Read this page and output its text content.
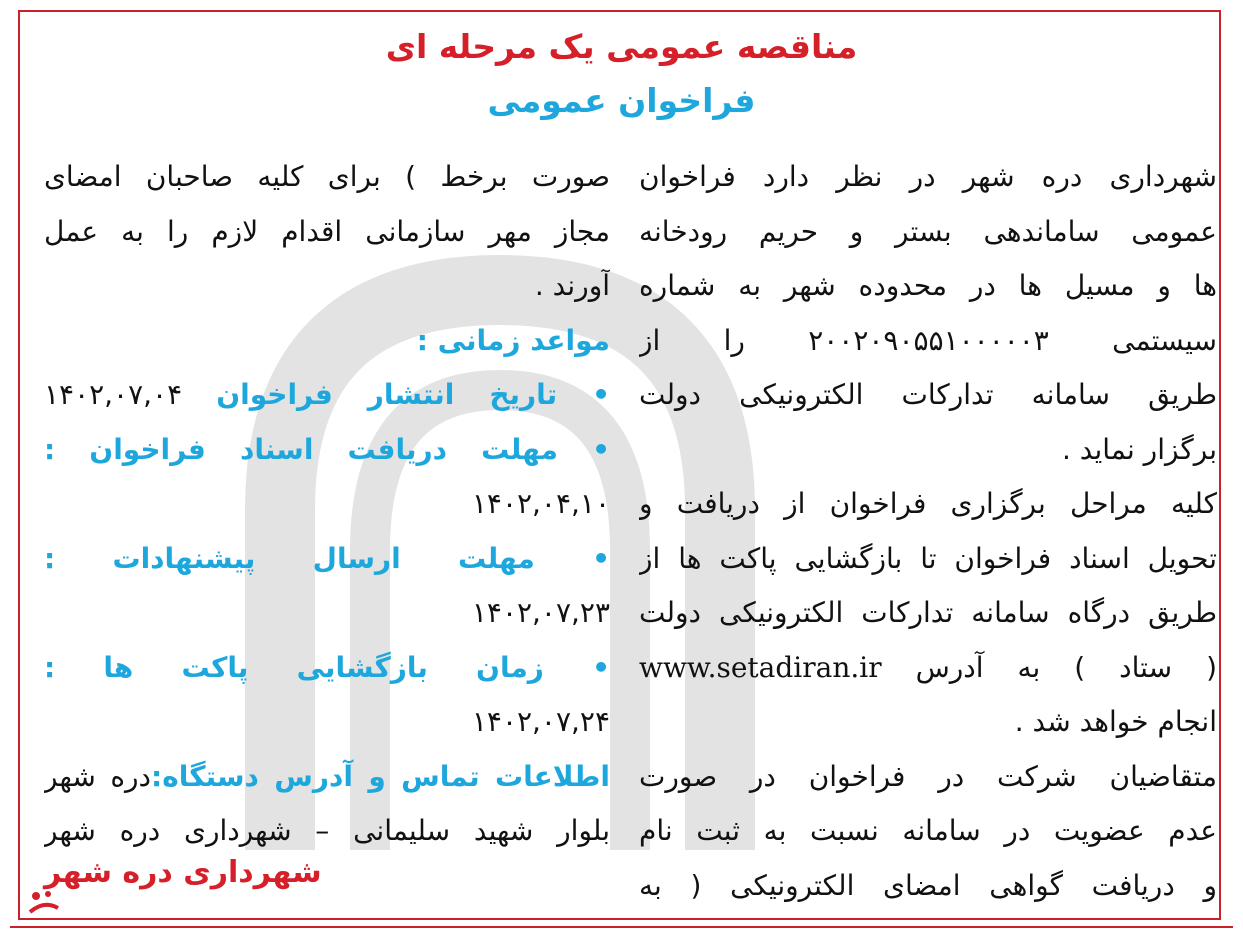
مناقصه عمومی یک مرحله ای
فراخوان عمومی
شهرداری دره شهر در نظر دارد فراخوان
عمومی ساماندهی بستر و حریم رودخانه
ها و مسیل ها در محدوده شهر به شماره
سیستمی ۲۰۰۲۰۹۰۵۵۱۰۰۰۰۰۳ را از
طریق سامانه تدارکات الکترونیکی دولت
برگزار نماید .
کلیه مراحل برگزاری فراخوان از دریافت و
تحویل اسناد فراخوان تا بازگشایی پاکت ها از
طریق درگاه سامانه تدارکات الکترونیکی دولت
( ستاد ) به آدرس www.setadiran.ir
انجام خواهد شد .
متقاضیان شرکت در فراخوان در صورت
عدم عضویت در سامانه نسبت به ثبت نام
و دریافت گواهی امضای الکترونیکی ( به
صورت برخط ) برای کلیه صاحبان امضای
مجاز مهر سازمانی اقدام لازم را به عمل
آورند .
مواعد زمانی :
• تاریخ انتشار فراخوان ۱۴۰۲,۰۷,۰۴
• مهلت دریافت اسناد فراخوان :
۱۴۰۲,۰۴,۱۰
• مهلت ارسال پیشنهادات :
۱۴۰۲,۰۷,۲۳
• زمان بازگشایی پاکت ها :
۱۴۰۲,۰۷,۲۴
اطلاعات تماس و آدرس دستگاه:دره شهر
بلوار شهید سلیمانی – شهرداری دره شهر
شهرداری دره شهر
